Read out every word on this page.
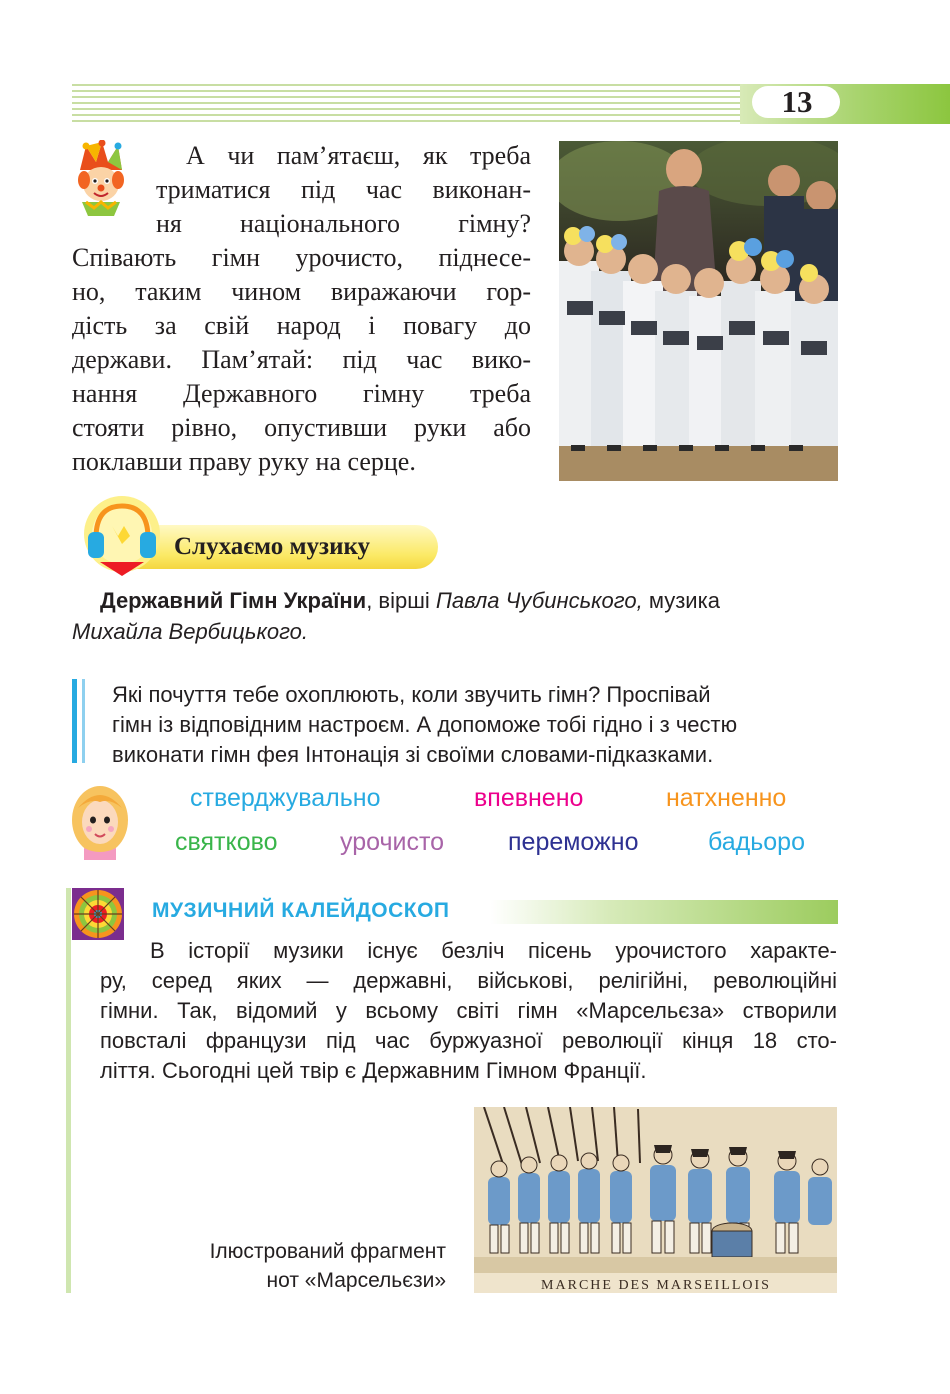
13
А чи пам’ятаєш, як треба
триматися під час виконан-
ня національного гімну?
Співають гімн урочисто, піднесе-
но, таким чином виражаючи гор-
дість за свій народ і повагу до
держави. Пам’ятай: під час вико-
нання Державного гімну треба
стояти рівно, опустивши руки або
поклавши праву руку на серце.
Слухаємо музику
Державний Гімн України, вірші Павла Чубинського, музика
Михайла Вербицького.
Які почуття тебе охоплюють, коли звучить гімн? Проспівай
гімн із відповідним настроєм. А допоможе тобі гідно і з честю
виконати гімн фея Інтонація зі своїми словами-підказками.
стверджувально	впевнено	натхненно
святково урочисто	переможно	бадьоро
МУЗИЧНИЙ КАЛЕЙДОСКОП
В історії музики існує безліч пісень урочистого характе-
ру, серед яких — державні, військові, релігійні, революційні
гімни. Так, відомий у всьому світі гімн «Марсельєза» створили
повсталі французи під час буржуазної революції кінця 18 сто-
ліття. Сьогодні цей твір є Державним Гімном Франції.
MARCHE DES MARSEILLOIS
Ілюстрований фрагмент
нот «Марсельєзи»
